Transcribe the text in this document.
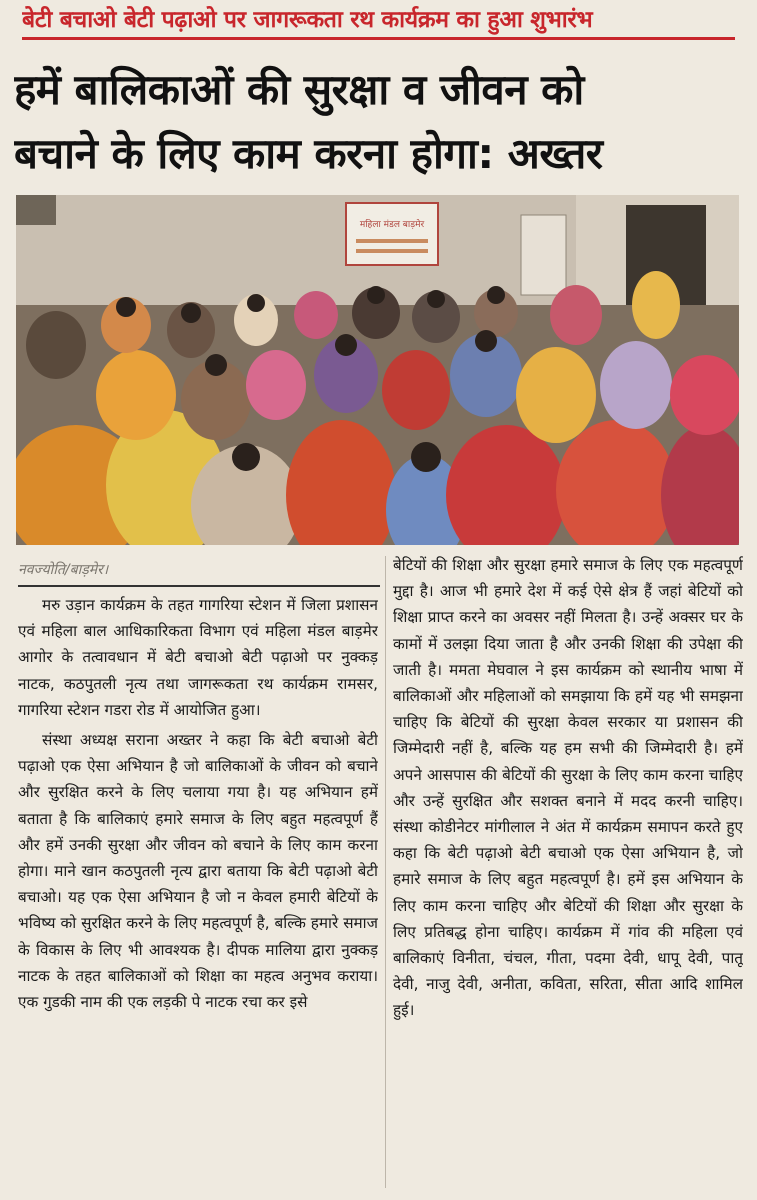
बेटी बचाओ बेटी पढ़ाओ पर जागरूकता रथ कार्यक्रम का हुआ शुभारंभ
हमें बालिकाओं की सुरक्षा व जीवन को
बचाने के लिए काम करना होगा: अख्तर
महिला मंडल बाड़मेर
नवज्योति/बाड़मेर।

मरु उड़ान कार्यक्रम के तहत गागरिया स्टेशन में जिला प्रशासन एवं महिला बाल आधिकारिकता विभाग एवं महिला मंडल बाड़मेर आगोर के तत्वावधान में बेटी बचाओ बेटी पढ़ाओ पर नुक्कड़ नाटक, कठपुतली नृत्य तथा जागरूकता रथ कार्यक्रम रामसर, गागरिया स्टेशन गडरा रोड में आयोजित हुआ।

संस्था अध्यक्ष सराना अख्तर ने कहा कि बेटी बचाओ बेटी पढ़ाओ एक ऐसा अभियान है जो बालिकाओं के जीवन को बचाने और सुरक्षित करने के लिए चलाया गया है। यह अभियान हमें बताता है कि बालिकाएं हमारे समाज के लिए बहुत महत्वपूर्ण हैं और हमें उनकी सुरक्षा और जीवन को बचाने के लिए काम करना होगा। माने खान कठपुतली नृत्य द्वारा बताया कि बेटी पढ़ाओ बेटी बचाओ। यह एक ऐसा अभियान है जो न केवल हमारी बेटियों के भविष्य को सुरक्षित करने के लिए महत्वपूर्ण है, बल्कि हमारे समाज के विकास के लिए भी आवश्यक है। दीपक मालिया द्वारा नुक्कड़ नाटक के तहत बालिकाओं को शिक्षा का महत्व अनुभव कराया। एक गुडकी नाम की एक लड़की पे नाटक रचा कर इसे

बेटियों की शिक्षा और सुरक्षा हमारे समाज के लिए एक महत्वपूर्ण मुद्दा है। आज भी हमारे देश में कई ऐसे क्षेत्र हैं जहां बेटियों को शिक्षा प्राप्त करने का अवसर नहीं मिलता है। उन्हें अक्सर घर के कामों में उलझा दिया जाता है और उनकी शिक्षा की उपेक्षा की जाती है। ममता मेघवाल ने इस कार्यक्रम को स्थानीय भाषा में बालिकाओं और महिलाओं को समझाया कि हमें यह भी समझना चाहिए कि बेटियों की सुरक्षा केवल सरकार या प्रशासन की जिम्मेदारी नहीं है, बल्कि यह हम सभी की जिम्मेदारी है। हमें अपने आसपास की बेटियों की सुरक्षा के लिए काम करना चाहिए और उन्हें सुरक्षित और सशक्त बनाने में मदद करनी चाहिए। संस्था कोडीनेटर मांगीलाल ने अंत में कार्यक्रम समापन करते हुए कहा कि बेटी पढ़ाओ बेटी बचाओ एक ऐसा अभियान है, जो हमारे समाज के लिए बहुत महत्वपूर्ण है। हमें इस अभियान के लिए काम करना चाहिए और बेटियों की शिक्षा और सुरक्षा के लिए प्रतिबद्ध होना चाहिए। कार्यक्रम में गांव की महिला एवं बालिकाएं विनीता, चंचल, गीता, पदमा देवी, धापू देवी, पातू देवी, नाजु देवी, अनीता, कविता, सरिता, सीता आदि शामिल हुई।
